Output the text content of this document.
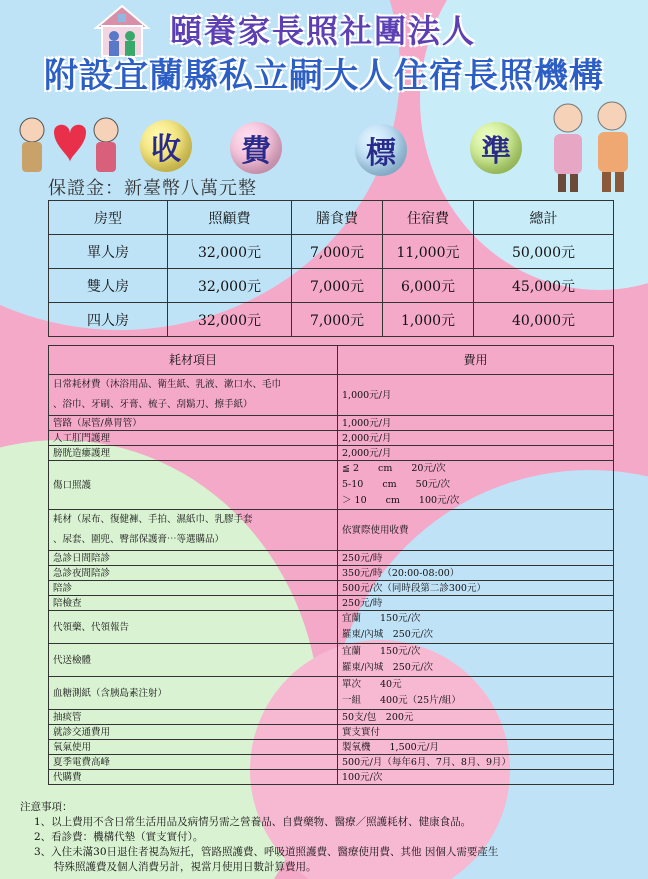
頤養家長照社團法人
附設宜蘭縣私立嗣大人住宿長照機構
收	費	標	準
保證金：新臺幣八萬元整
房型	照顧費	膳食費	住宿費	總計
單人房	32,000元	7,000元	11,000元	50,000元
雙人房	32,000元	7,000元	6,000元	45,000元
四人房	32,000元	7,000元	1,000元	40,000元
耗材項目	費用

日常耗材費（沐浴用品、衛生紙、乳液、漱口水、毛巾
、浴巾、牙刷、牙膏、梳子、刮鬍刀、擦手紙）	1,000元/月

管路（尿管/鼻胃管）	1,000元/月

人工肛門護理	2,000元/月

膀胱造瘻護理	2,000元/月

傷口照護	≦ 2　　cm　　20元/次
5-10　　cm　　50元/次
＞ 10　　cm　　100元/次

耗材（尿布、復健褲、手拍、濕紙巾、乳膠手套
、尿套、圍兜、臀部保護膏⋯等選購品）	依實際使用收費

急診日間陪診	250元/時

急診夜間陪診	350元/時（20:00-08:00）

陪診	500元/次（同時段第二診300元）

陪檢查	250元/時

代領藥、代領報告	宜蘭　　150元/次
羅東/內城　250元/次

代送檢體	宜蘭　　150元/次
羅東/內城　250元/次

血糖測紙（含胰島素注射）	單次　　40元
一組　　400元（25片/組）

抽痰管	50支/包　200元

就診交通費用	實支實付

氧氣使用	製氧機　　1,500元/月

夏季電費高峰	500元/月（每年6月、7月、8月、9月）

代購費	100元/次
注意事項：
1、以上費用不含日常生活用品及病情另需之營養品、自費藥物、醫療／照護耗材、健康食品。
2、看診費：機構代墊（實支實付）。
3、入住未滿30日退住者視為短托，管路照護費、呼吸道照護費、醫療使用費、其他 因個人需要產生
特殊照護費及個人消費另計，視當月使用日數計算費用。
